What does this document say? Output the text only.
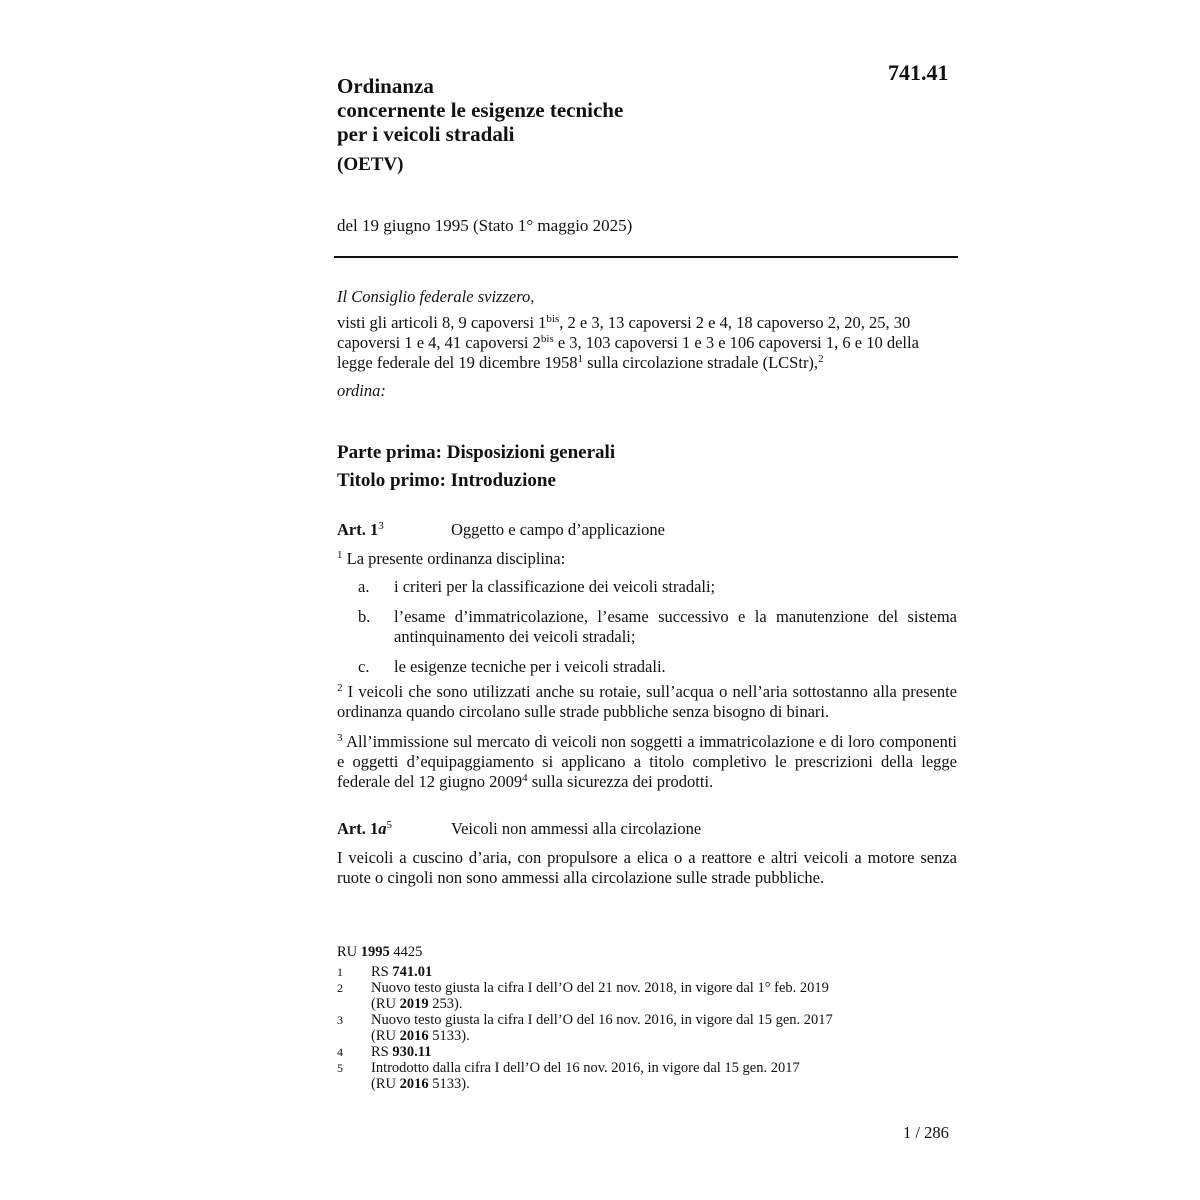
741.41
Ordinanza
concernente le esigenze tecniche
per i veicoli stradali
(OETV)
del 19 giugno 1995 (Stato 1° maggio 2025)
Il Consiglio federale svizzero,
visti gli articoli 8, 9 capoversi $1^{bis}$, 2 e 3, 13 capoversi 2 e 4, 18 capoverso 2, 20, 25, 30 capoversi 1 e 4, 41 capoversi $2^{bis}$ e 3, 103 capoversi 1 e 3 e 106 capoversi 1, 6 e 10 della legge federale del 19 dicembre 1958$^1$ sulla circolazione stradale (LCStr),$^2$
ordina:
Parte prima: Disposizioni generali
Titolo primo: Introduzione
Art. $1^3$	Oggetto e campo d’applicazione
$^1$ La presente ordinanza disciplina:
a. i criteri per la classificazione dei veicoli stradali;
b. l’esame d’immatricolazione, l’esame successivo e la manutenzione del sistema antinquinamento dei veicoli stradali;
c. le esigenze tecniche per i veicoli stradali.
$^2$ I veicoli che sono utilizzati anche su rotaie, sull’acqua o nell’aria sottostanno alla presente ordinanza quando circolano sulle strade pubbliche senza bisogno di binari.
$^3$ All’immissione sul mercato di veicoli non soggetti a immatricolazione e di loro componenti e oggetti d’equipaggiamento si applicano a titolo completivo le prescrizioni della legge federale del 12 giugno 2009$^4$ sulla sicurezza dei prodotti.
Art. $1a^5$	Veicoli non ammessi alla circolazione
I veicoli a cuscino d’aria, con propulsore a elica o a reattore e altri veicoli a motore senza ruote o cingoli non sono ammessi alla circolazione sulle strade pubbliche.
RU 1995 4425
1 RS 741.01
2 Nuovo testo giusta la cifra I dell’O del 21 nov. 2018, in vigore dal 1° feb. 2019
(RU 2019 253).
3 Nuovo testo giusta la cifra I dell’O del 16 nov. 2016, in vigore dal 15 gen. 2017
(RU 2016 5133).
4 RS 930.11
5 Introdotto dalla cifra I dell’O del 16 nov. 2016, in vigore dal 15 gen. 2017
(RU 2016 5133).
1 / 286
